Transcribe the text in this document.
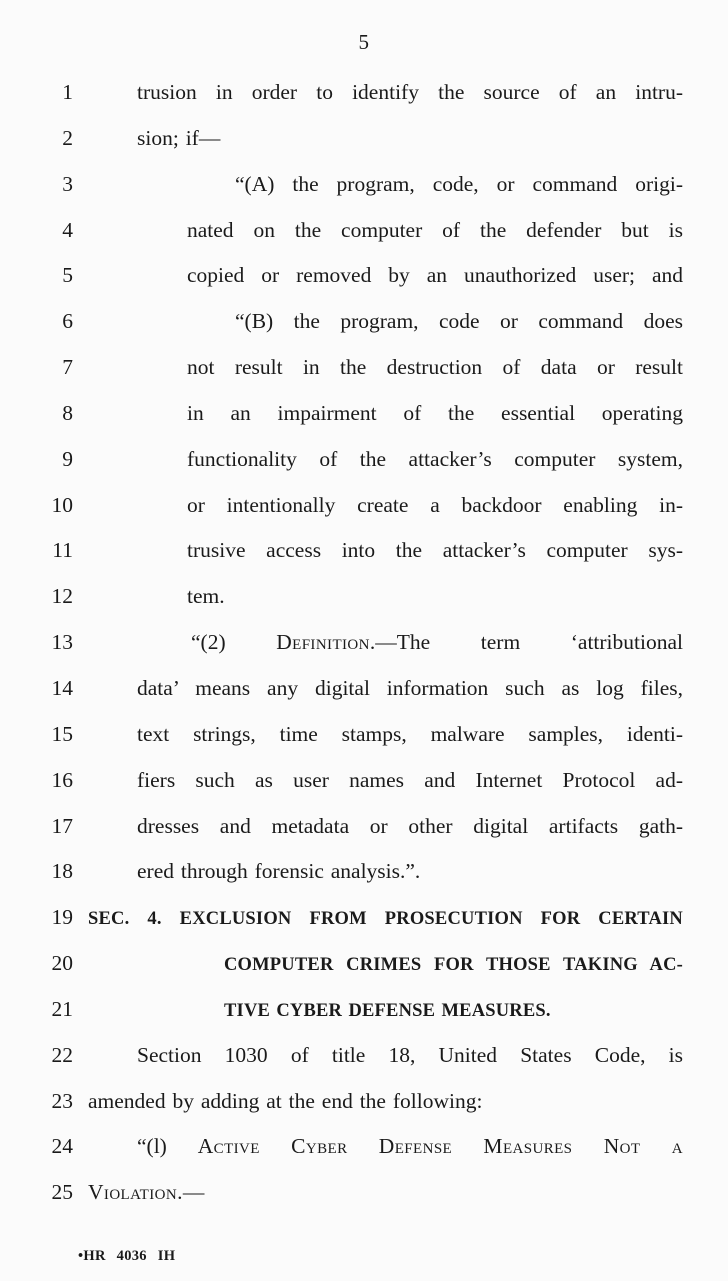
5
1	trusion in order to identify the source of an intru-
2	sion; if—
3	“(A) the program, code, or command origi-
4	nated on the computer of the defender but is
5	copied or removed by an unauthorized user; and
6	“(B) the program, code or command does
7	not result in the destruction of data or result
8	in an impairment of the essential operating
9	functionality of the attacker’s computer system,
10	or intentionally create a backdoor enabling in-
11	trusive access into the attacker’s computer sys-
12	tem.
13	“(2) Definition.—The term ‘attributional
14	data’ means any digital information such as log files,
15	text strings, time stamps, malware samples, identi-
16	fiers such as user names and Internet Protocol ad-
17	dresses and metadata or other digital artifacts gath-
18	ered through forensic analysis.”.
19 SEC. 4. EXCLUSION FROM PROSECUTION FOR CERTAIN
20	COMPUTER CRIMES FOR THOSE TAKING AC-
21	TIVE CYBER DEFENSE MEASURES.
22	Section 1030 of title 18, United States Code, is
23 amended by adding at the end the following:
24	“(l) Active Cyber Defense Measures Not a
25 Violation.—
•HR 4036 IH
